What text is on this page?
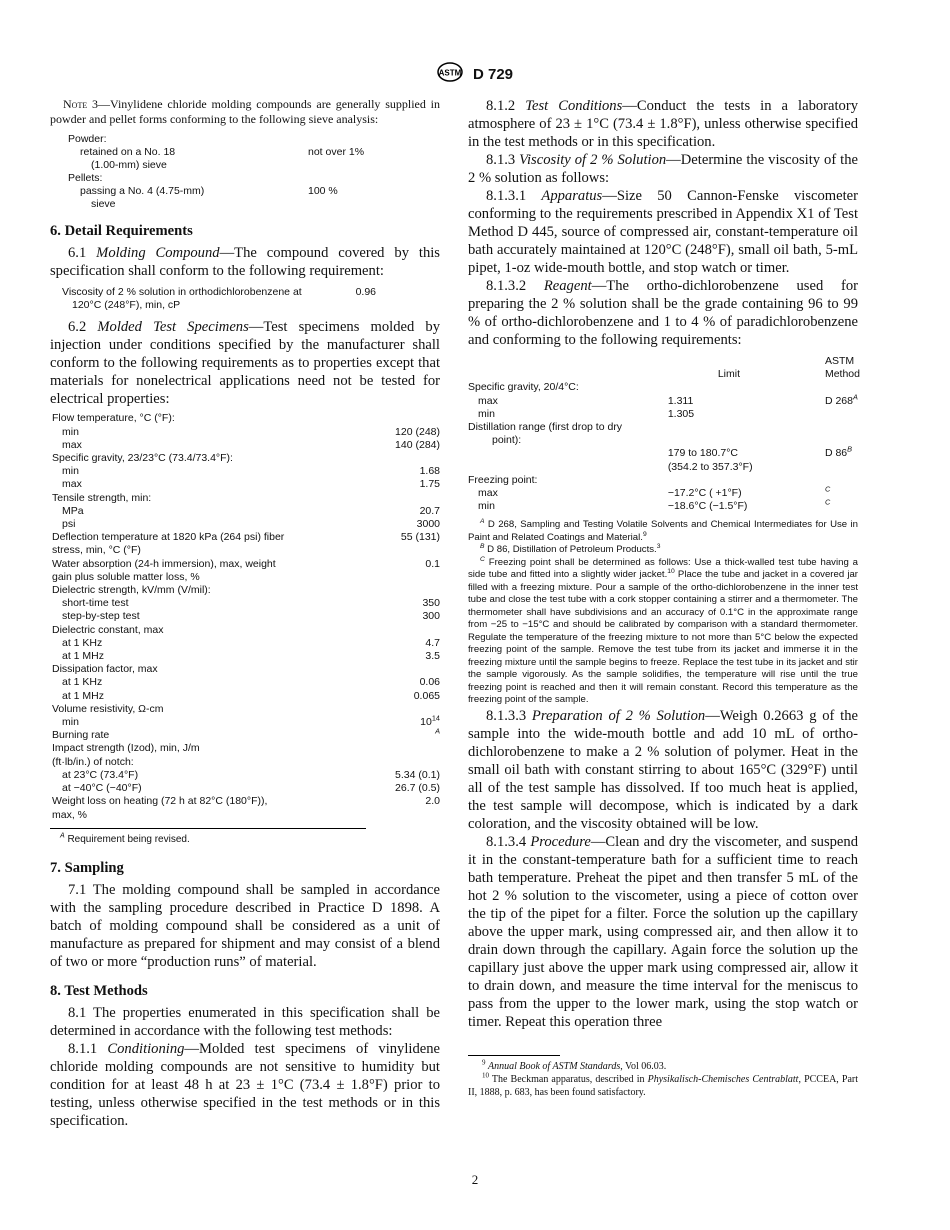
ASTM D 729

Note 3—Vinylidene chloride molding compounds are generally supplied in powder and pellet forms conforming to the following sieve analysis:

Powder:
retained on a No. 18	not over 1%
(1.00-mm) sieve
Pellets:
passing a No. 4 (4.75-mm)	100 %
sieve
6. Detail Requirements

6.1 Molding Compound—The compound covered by this specification shall conform to the following requirement:

Viscosity of 2 % solution in orthodichlorobenzene at	0.96
120°C (248°F), min, cP	

6.2 Molded Test Specimens—Test specimens molded by injection under conditions specified by the manufacturer shall conform to the following requirements as to properties except that materials for nonelectrical applications need not be tested for electrical properties:

Flow temperature, °C (°F):	
min	120 (248)
max	140 (284)
Specific gravity, 23/23°C (73.4/73.4°F):	
min	1.68
max	1.75
Tensile strength, min:	
MPa	20.7
psi	3000
Deflection temperature at 1820 kPa (264 psi) fiber	55 (131)
stress, min, °C (°F)	
Water absorption (24-h immersion), max, weight	0.1
gain plus soluble matter loss, %	
Dielectric strength, kV/mm (V/mil):	
short-time test	350
step-by-step test	300
Dielectric constant, max	
at 1 KHz	4.7
at 1 MHz	3.5
Dissipation factor, max	
at 1 KHz	0.06
at 1 MHz	0.065
Volume resistivity, Ω-cm	
min	$10^{14}$
Burning rate	$^A$
Impact strength (Izod), min, J/m	
(ft·lb/in.) of notch:	
at 23°C (73.4°F)	5.34 (0.1)
at −40°C (−40°F)	26.7 (0.5)
Weight loss on heating (72 h at 82°C (180°F)),	2.0
max, %	

$^A$ Requirement being revised.

7. Sampling

7.1 The molding compound shall be sampled in accordance with the sampling procedure described in Practice D 1898. A batch of molding compound shall be considered as a unit of manufacture as prepared for shipment and may consist of a blend of two or more “production runs” of material.

8. Test Methods

8.1 The properties enumerated in this specification shall be determined in accordance with the following test methods:

8.1.1 Conditioning—Molded test specimens of vinylidene chloride molding compounds are not sensitive to humidity but condition for at least 48 h at 23 ± 1°C (73.4 ± 1.8°F) prior to testing, unless otherwise specified in the test methods or in this specification.

8.1.2 Test Conditions—Conduct the tests in a laboratory atmosphere of 23 ± 1°C (73.4 ± 1.8°F), unless otherwise specified in the test methods or in this specification.

8.1.3 Viscosity of 2 % Solution—Determine the viscosity of the 2 % solution as follows:

8.1.3.1 Apparatus—Size 50 Cannon-Fenske viscometer conforming to the requirements prescribed in Appendix X1 of Test Method D 445, source of compressed air, constant-temperature oil bath accurately maintained at 120°C (248°F), small oil bath, 5-mL pipet, 1-oz wide-mouth bottle, and stop watch or timer.

8.1.3.2 Reagent—The ortho-dichlorobenzene used for preparing the 2 % solution shall be the grade containing 96 to 99 % of ortho-dichlorobenzene and 1 to 4 % of paradichlorobenzene and conforming to the following requirements:

		ASTM
	Limit	Method
Specific gravity, 20/4°C:		
max	1.311	D $268^A$
min	1.305	
Distillation range (first drop to dry		
point):		
	179 to 180.7°C	D $86^B$
	(354.2 to 357.3°F)	
Freezing point:		
max	−17.2°C ( +1°F)	$^C$
min	−18.6°C (−1.5°F)	$^C$

$^A$ D 268, Sampling and Testing Volatile Solvents and Chemical Intermediates for Use in Paint and Related Coatings and Material.$^9$

$^B$ D 86, Distillation of Petroleum Products.$^3$

$^C$ Freezing point shall be determined as follows: Use a thick-walled test tube having a side tube and fitted into a slightly wider jacket.$^{10}$ Place the tube and jacket in a covered jar filled with a freezing mixture. Pour a sample of the ortho-dichlorobenzene in the inner test tube and close the test tube with a cork stopper containing a stirrer and a thermometer. The thermometer shall have subdivisions and an accuracy of 0.1°C in the approximate range from −25 to −15°C and should be calibrated by comparison with a standard thermometer. Regulate the temperature of the freezing mixture to not more than 5°C below the expected freezing point of the sample. Remove the test tube from its jacket and immerse it in the freezing mixture until the sample begins to freeze. Replace the test tube in its jacket and stir the sample vigorously. As the sample solidifies, the temperature will rise until the true freezing point is reached and then it will remain constant. Record this temperature as the freezing point of the sample.

8.1.3.3 Preparation of 2 % Solution—Weigh 0.2663 g of the sample into the wide-mouth bottle and add 10 mL of ortho-dichlorobenzene to make a 2 % solution of polymer. Heat in the small oil bath with constant stirring to about 165°C (329°F) until all of the test sample has dissolved. If too much heat is applied, the test sample will decompose, which is indicated by a dark coloration, and the viscosity obtained will be low.

8.1.3.4 Procedure—Clean and dry the viscometer, and suspend it in the constant-temperature bath for a sufficient time to reach bath temperature. Preheat the pipet and then transfer 5 mL of the hot 2 % solution to the viscometer, using a piece of cotton over the tip of the pipet for a filter. Force the solution up the capillary above the upper mark, using compressed air, and then allow it to drain down through the capillary. Again force the solution up the capillary just above the upper mark using compressed air, allow it to drain down, and measure the time interval for the meniscus to pass from the upper to the lower mark, using the stop watch or timer. Repeat this operation three

$^9$ Annual Book of ASTM Standards, Vol 06.03.

$^{10}$ The Beckman apparatus, described in Physikalisch-Chemisches Centrablatt, PCCEA, Part II, 1888, p. 683, has been found satisfactory.

2
